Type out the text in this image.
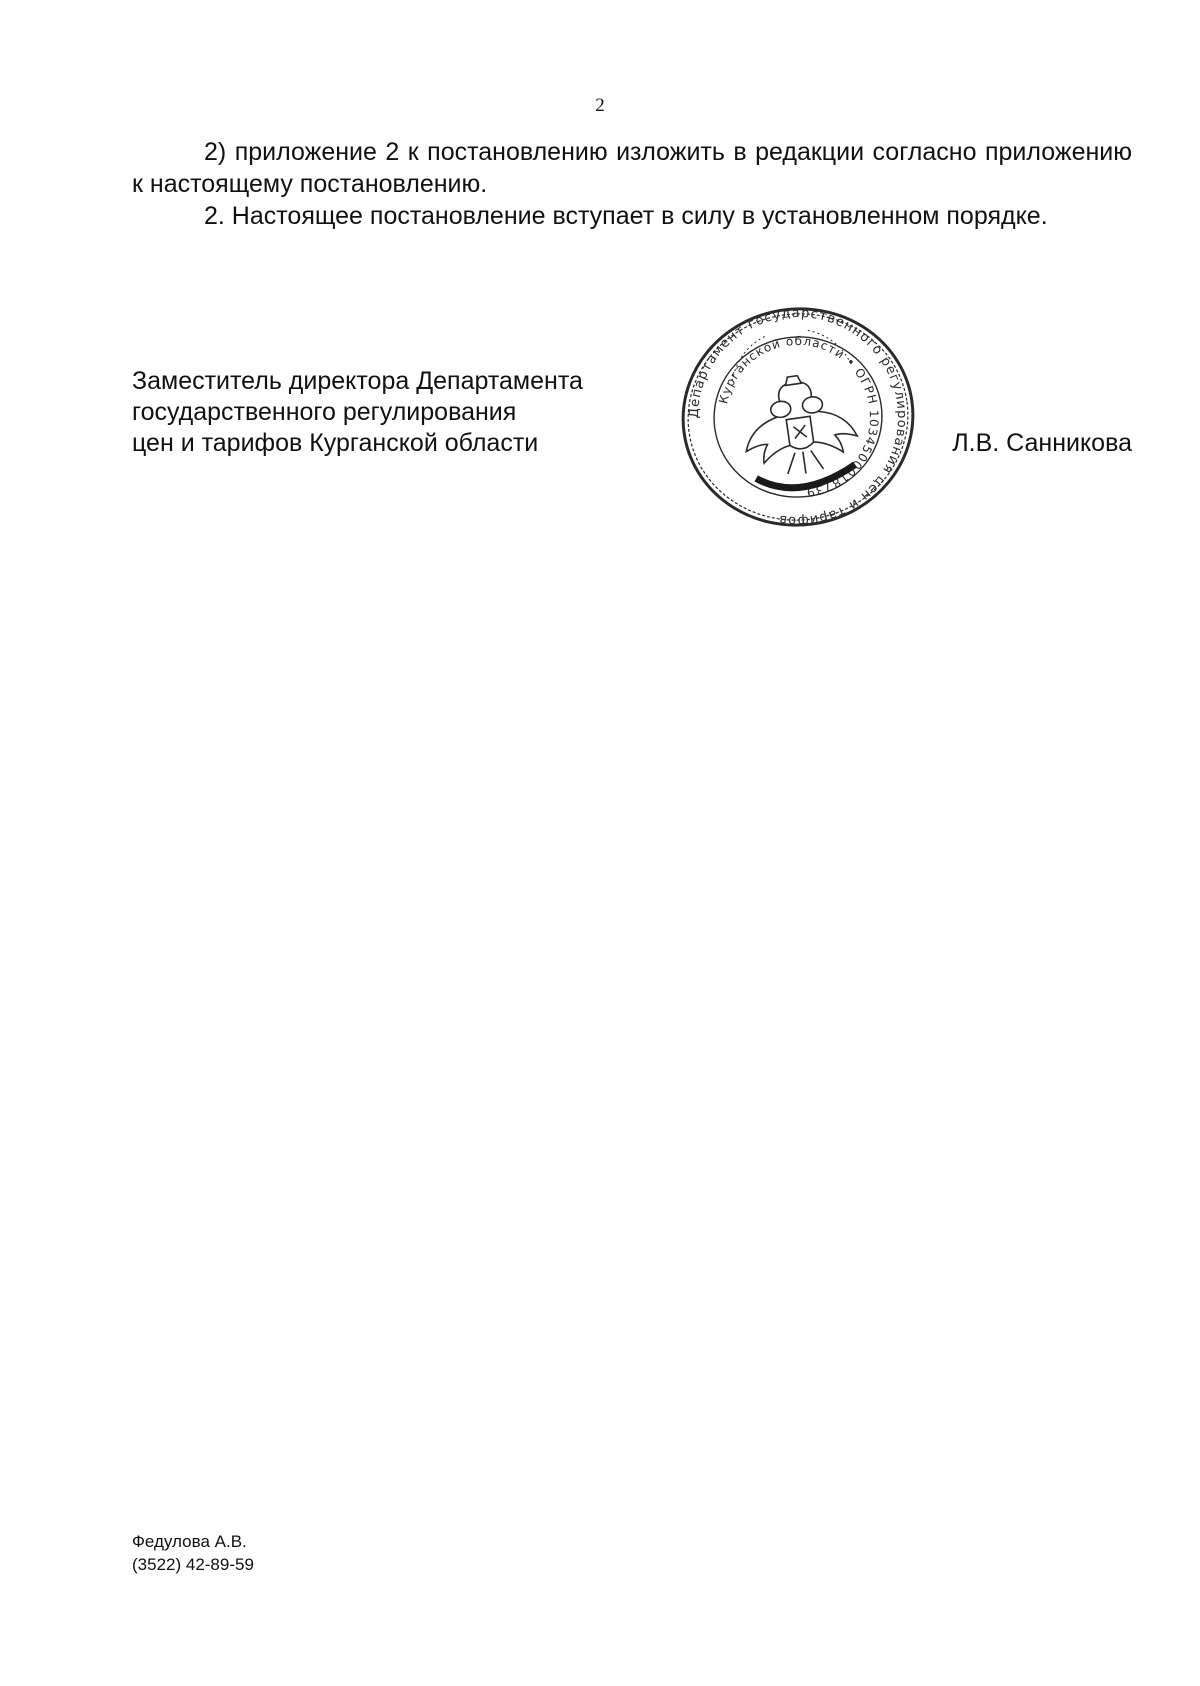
2

2) приложение 2 к постановлению изложить в редакции согласно приложению к настоящему постановлению.

2. Настоящее постановление вступает в силу в установленном порядке.

Заместитель директора Департамента
государственного регулирования
цен и тарифов Курганской области
Департамент государственного регулирования цен и тарифов
Курганской области • ОГРН 1034500018739
Л.В. Санникова
Федулова А.В.
(3522) 42-89-59
